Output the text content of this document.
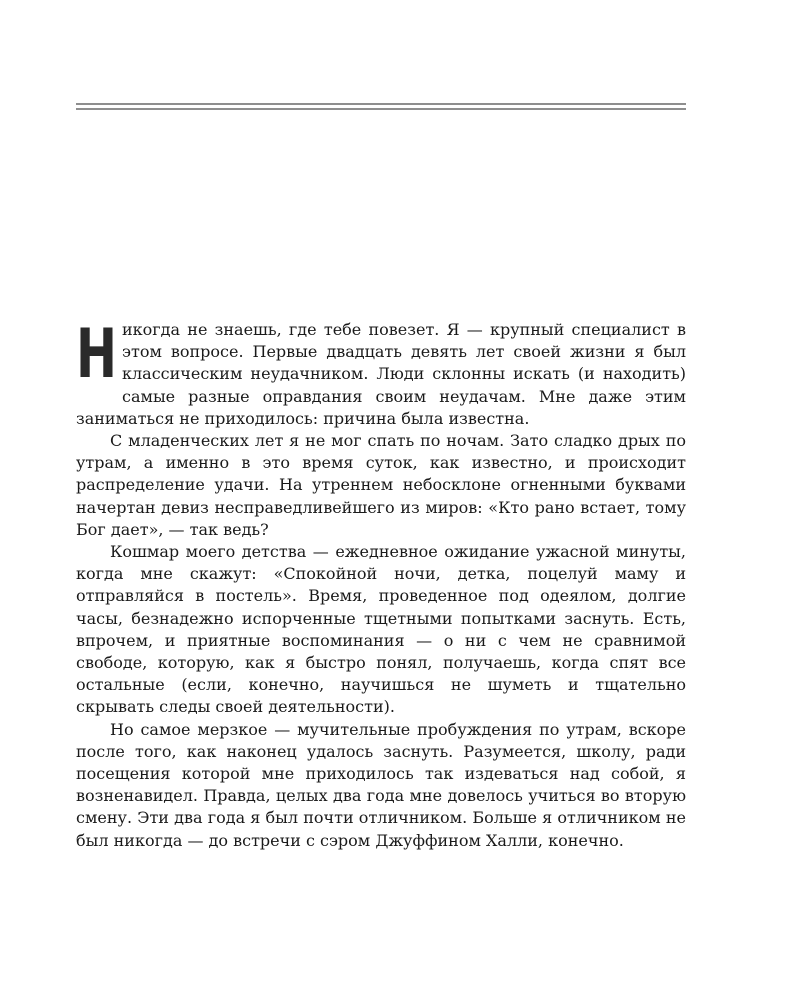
Никогда не знаешь, где тебе повезет. Я — крупный специалист в этом вопросе. Первые двадцать девять лет своей жизни я был классическим неудачником. Люди склонны искать (и находить) самые разные оправдания своим неудачам. Мне даже этим заниматься не приходилось: причина была известна.

С младенческих лет я не мог спать по ночам. Зато сладко дрых по утрам, а именно в это время суток, как известно, и происходит распределение удачи. На утреннем небосклоне огненными буквами начертан девиз несправедливейшего из миров: «Кто рано встает, тому Бог дает», — так ведь?

Кошмар моего детства — ежедневное ожидание ужасной минуты, когда мне скажут: «Спокойной ночи, детка, поцелуй маму и отправляйся в постель». Время, проведенное под одеялом, долгие часы, безнадежно испорченные тщетными попытками заснуть. Есть, впрочем, и приятные воспоминания — о ни с чем не сравнимой свободе, которую, как я быстро понял, получаешь, когда спят все остальные (если, конечно, научишься не шуметь и тщательно скрывать следы своей деятельности).

Но самое мерзкое — мучительные пробуждения по утрам, вскоре после того, как наконец удалось заснуть. Разумеется, школу, ради посещения которой мне приходилось так издеваться над собой, я возненавидел. Правда, целых два года мне довелось учиться во вторую смену. Эти два года я был почти отличником. Больше я отличником не был никогда — до встречи с сэром Джуффином Халли, конечно.
